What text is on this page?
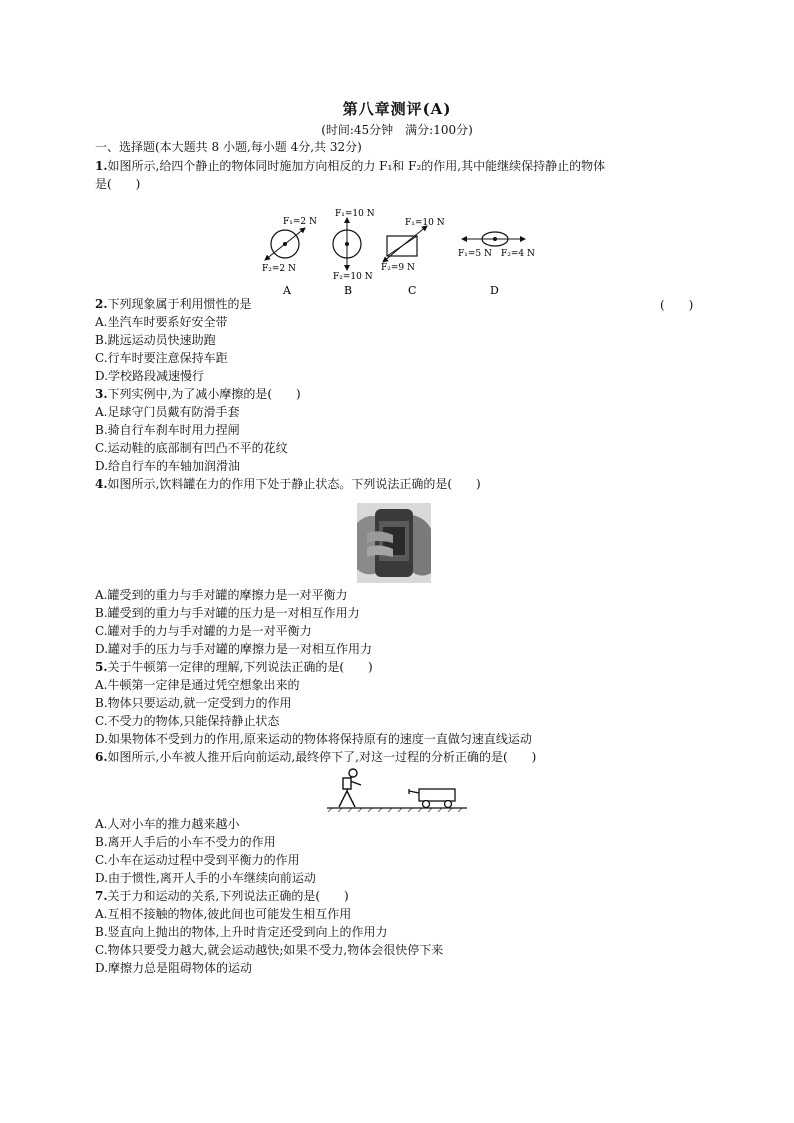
第八章测评(A)
(时间:45分钟　满分:100分)
一、选择题(本大题共 8 小题,每小题 4分,共 32分)
1.如图所示,给四个静止的物体同时施加方向相反的力 F₁和 F₂的作用,其中能继续保持静止的物体
是(　　)
F₁=2 N
F₂=2 N
A
F₁=10 N
F₂=10 N
B
F₁=10 N
F₂=9 N
C
F₁=5 N F₂=4 N
D
2.下列现象属于利用惯性的是	(　　)
A.坐汽车时要系好安全带
B.跳远运动员快速助跑
C.行车时要注意保持车距
D.学校路段减速慢行
3.下列实例中,为了减小摩擦的是(　　)
A.足球守门员戴有防滑手套
B.骑自行车刹车时用力捏闸
C.运动鞋的底部制有凹凸不平的花纹
D.给自行车的车轴加润滑油
4.如图所示,饮料罐在力的作用下处于静止状态。下列说法正确的是(　　)
A.罐受到的重力与手对罐的摩擦力是一对平衡力
B.罐受到的重力与手对罐的压力是一对相互作用力
C.罐对手的力与手对罐的力是一对平衡力
D.罐对手的压力与手对罐的摩擦力是一对相互作用力
5.关于牛顿第一定律的理解,下列说法正确的是(　　)
A.牛顿第一定律是通过凭空想象出来的
B.物体只要运动,就一定受到力的作用
C.不受力的物体,只能保持静止状态
D.如果物体不受到力的作用,原来运动的物体将保持原有的速度一直做匀速直线运动
6.如图所示,小车被人推开后向前运动,最终停下了,对这一过程的分析正确的是(　　)
A.人对小车的推力越来越小
B.离开人手后的小车不受力的作用
C.小车在运动过程中受到平衡力的作用
D.由于惯性,离开人手的小车继续向前运动
7.关于力和运动的关系,下列说法正确的是(　　)
A.互相不接触的物体,彼此间也可能发生相互作用
B.竖直向上抛出的物体,上升时肯定还受到向上的作用力
C.物体只要受力越大,就会运动越快;如果不受力,物体会很快停下来
D.摩擦力总是阻碍物体的运动
